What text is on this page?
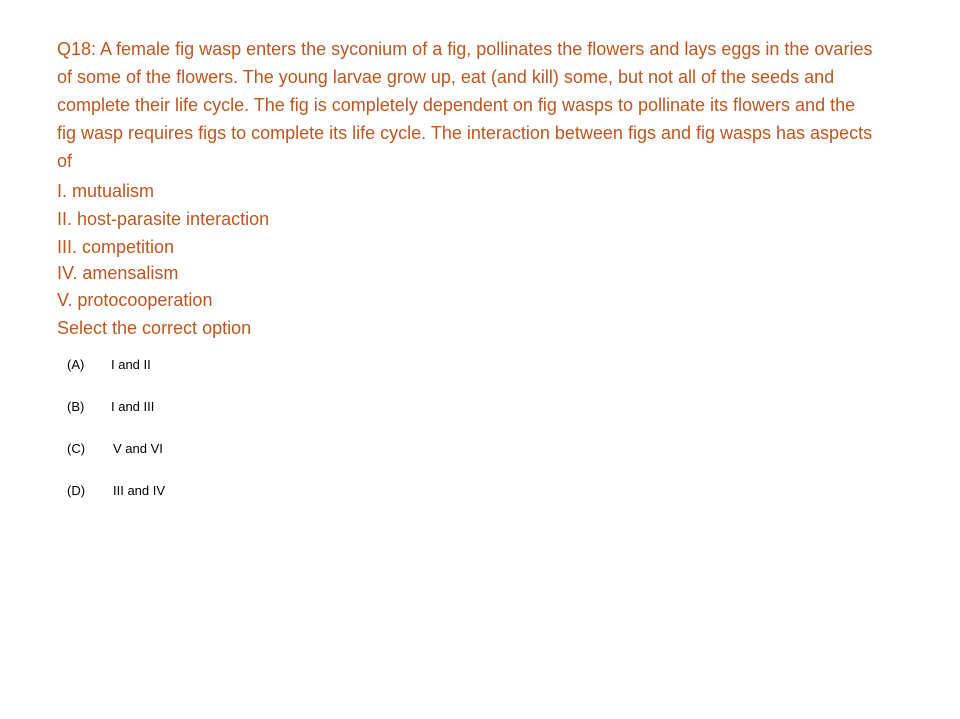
Q18: A female fig wasp enters the syconium of a fig, pollinates the flowers and lays eggs in the ovaries of some of the flowers. The young larvae grow up, eat (and kill) some, but not all of the seeds and complete their life cycle. The fig is completely dependent on fig wasps to pollinate its flowers and the fig wasp requires figs to complete its life cycle. The interaction between figs and fig wasps has aspects of

I. mutualism
II. host-parasite interaction
III. competition
IV. amensalism
V. protocooperation

Select the correct option

(A)	I and II
(B)	I and III
(C)	V and VI
(D)	III and IV
